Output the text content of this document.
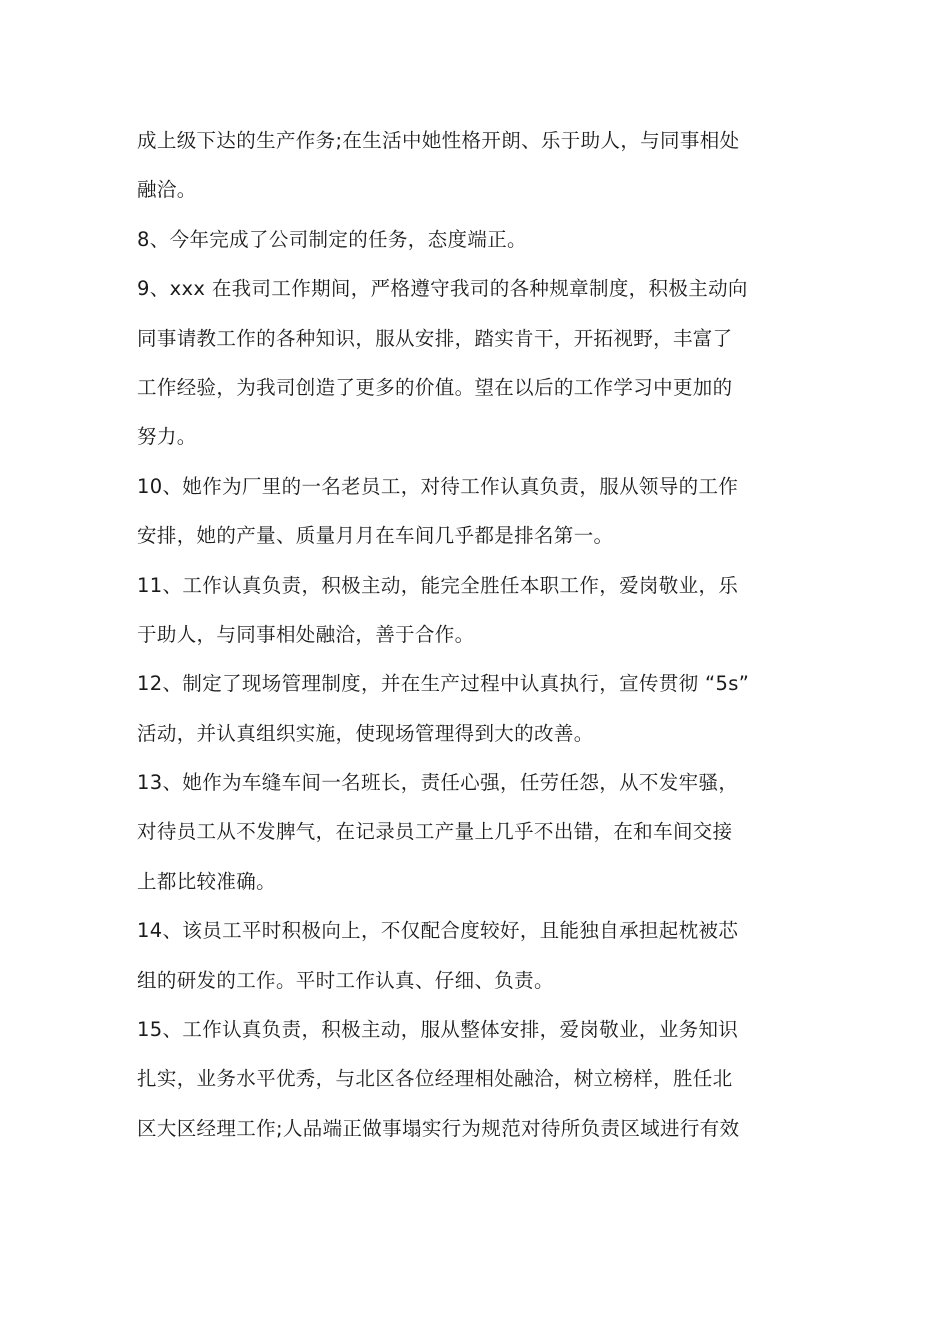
成上级下达的生产作务;在生活中她性格开朗、乐于助人，与同事相处
融洽。
8、今年完成了公司制定的任务，态度端正。
9、xxx 在我司工作期间，严格遵守我司的各种规章制度，积极主动向
同事请教工作的各种知识，服从安排，踏实肯干，开拓视野，丰富了
工作经验，为我司创造了更多的价值。望在以后的工作学习中更加的
努力。
10、她作为厂里的一名老员工，对待工作认真负责，服从领导的工作
安排，她的产量、质量月月在车间几乎都是排名第一。
11、工作认真负责，积极主动，能完全胜任本职工作，爱岗敬业，乐
于助人，与同事相处融洽，善于合作。
12、制定了现场管理制度，并在生产过程中认真执行，宣传贯彻 “5s”
活动，并认真组织实施，使现场管理得到大的改善。
13、她作为车缝车间一名班长，责任心强，任劳任怨，从不发牢骚，
对待员工从不发脾气，在记录员工产量上几乎不出错，在和车间交接
上都比较准确。
14、该员工平时积极向上，不仅配合度较好，且能独自承担起枕被芯
组的研发的工作。平时工作认真、仔细、负责。
15、工作认真负责，积极主动，服从整体安排，爱岗敬业，业务知识
扎实，业务水平优秀，与北区各位经理相处融洽，树立榜样，胜任北
区大区经理工作;人品端正做事塌实行为规范对待所负责区域进行有效
